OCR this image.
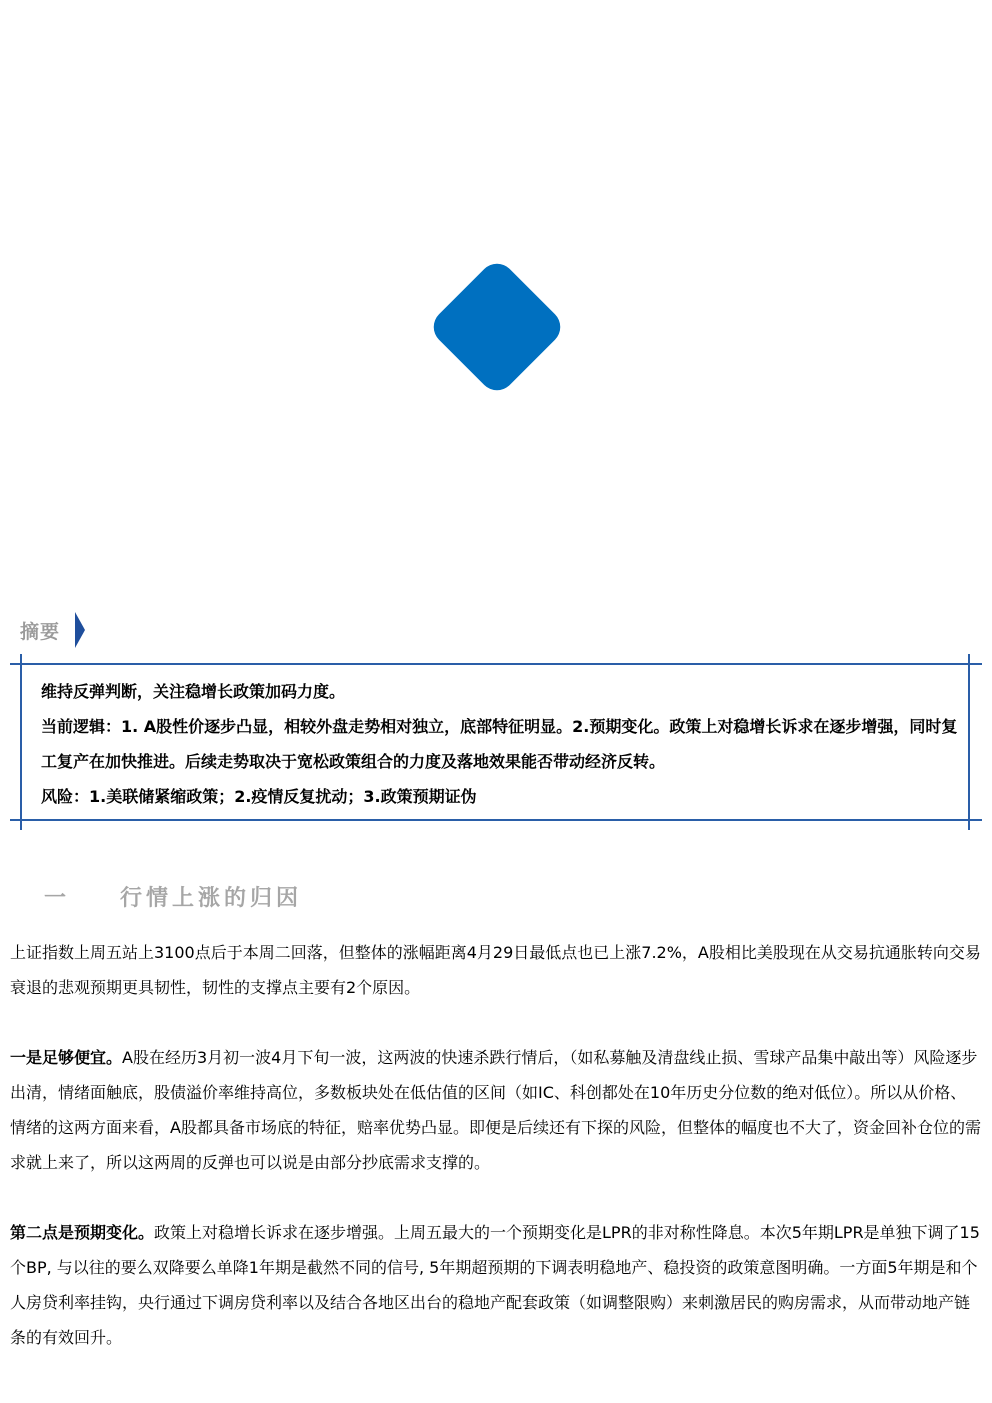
摘要

维持反弹判断，关注稳增长政策加码力度。

当前逻辑：1. A股性价逐步凸显，相较外盘走势相对独立，底部特征明显。2.预期变化。政策上对稳增长诉求在逐步增强，同时复工复产在加快推进。后续走势取决于宽松政策组合的力度及落地效果能否带动经济反转。

风险：1.美联储紧缩政策；2.疫情反复扰动；3.政策预期证伪

一	行情上涨的归因

上证指数上周五站上3100点后于本周二回落，但整体的涨幅距离4月29日最低点也已上涨7.2%，A股相比美股现在从交易抗通胀转向交易衰退的悲观预期更具韧性，韧性的支撑点主要有2个原因。

一是足够便宜。A股在经历3月初一波4月下旬一波，这两波的快速杀跌行情后，（如私募触及清盘线止损、雪球产品集中敲出等）风险逐步出清，情绪面触底，股债溢价率维持高位，多数板块处在低估值的区间（如IC、科创都处在10年历史分位数的绝对低位）。所以从价格、情绪的这两方面来看，A股都具备市场底的特征，赔率优势凸显。即便是后续还有下探的风险，但整体的幅度也不大了，资金回补仓位的需求就上来了，所以这两周的反弹也可以说是由部分抄底需求支撑的。

第二点是预期变化。政策上对稳增长诉求在逐步增强。上周五最大的一个预期变化是LPR的非对称性降息。本次5年期LPR是单独下调了15个BP, 与以往的要么双降要么单降1年期是截然不同的信号, 5年期超预期的下调表明稳地产、稳投资的政策意图明确。一方面5年期是和个人房贷利率挂钩，央行通过下调房贷利率以及结合各地区出台的稳地产配套政策（如调整限购）来刺激居民的购房需求，从而带动地产链条的有效回升。
